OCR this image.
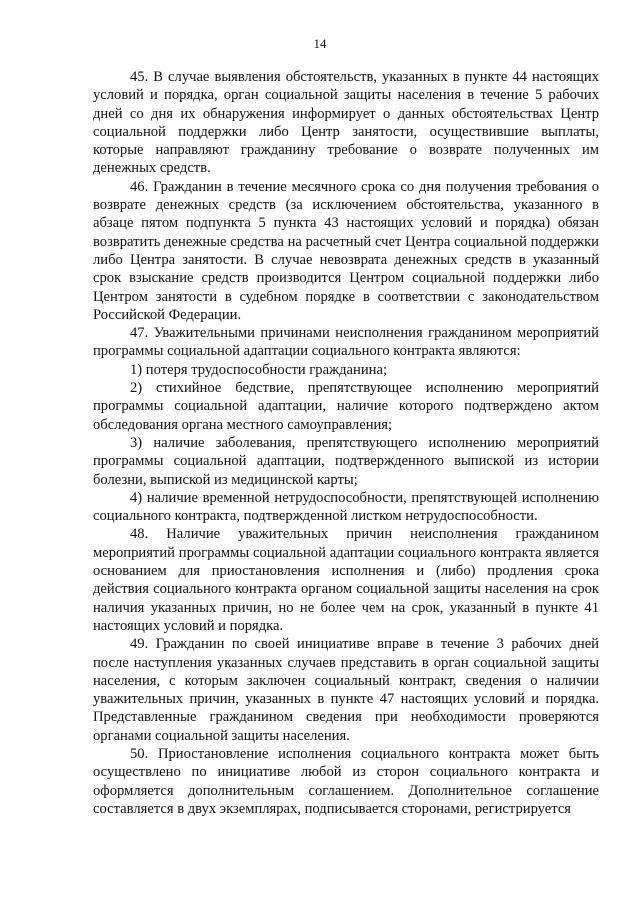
14

45. В случае выявления обстоятельств, указанных в пункте 44 настоящих условий и порядка, орган социальной защиты населения в течение 5 рабочих дней со дня их обнаружения информирует о данных обстоятельствах Центр социальной поддержки либо Центр занятости, осуществившие выплаты, которые направляют гражданину требование о возврате полученных им денежных средств.

46. Гражданин в течение месячного срока со дня получения требования о возврате денежных средств (за исключением обстоятельства, указанного в абзаце пятом подпункта 5 пункта 43 настоящих условий и порядка) обязан возвратить денежные средства на расчетный счет Центра социальной поддержки либо Центра занятости. В случае невозврата денежных средств в указанный срок взыскание средств производится Центром социальной поддержки либо Центром занятости в судебном порядке в соответствии с законодательством Российской Федерации.

47. Уважительными причинами неисполнения гражданином мероприятий программы социальной адаптации социального контракта являются:

1) потеря трудоспособности гражданина;

2) стихийное бедствие, препятствующее исполнению мероприятий программы социальной адаптации, наличие которого подтверждено актом обследования органа местного самоуправления;

3) наличие заболевания, препятствующего исполнению мероприятий программы социальной адаптации, подтвержденного выпиской из истории болезни, выпиской из медицинской карты;

4) наличие временной нетрудоспособности, препятствующей исполнению социального контракта, подтвержденной листком нетрудоспособности.

48. Наличие уважительных причин неисполнения гражданином мероприятий программы социальной адаптации социального контракта является основанием для приостановления исполнения и (либо) продления срока действия социального контракта органом социальной защиты населения на срок наличия указанных причин, но не более чем на срок, указанный в пункте 41 настоящих условий и порядка.

49. Гражданин по своей инициативе вправе в течение 3 рабочих дней после наступления указанных случаев представить в орган социальной защиты населения, с которым заключен социальный контракт, сведения о наличии уважительных причин, указанных в пункте 47 настоящих условий и порядка. Представленные гражданином сведения при необходимости проверяются органами социальной защиты населения.

50. Приостановление исполнения социального контракта может быть осуществлено по инициативе любой из сторон социального контракта и оформляется дополнительным соглашением. Дополнительное соглашение составляется в двух экземплярах, подписывается сторонами, регистрируется
